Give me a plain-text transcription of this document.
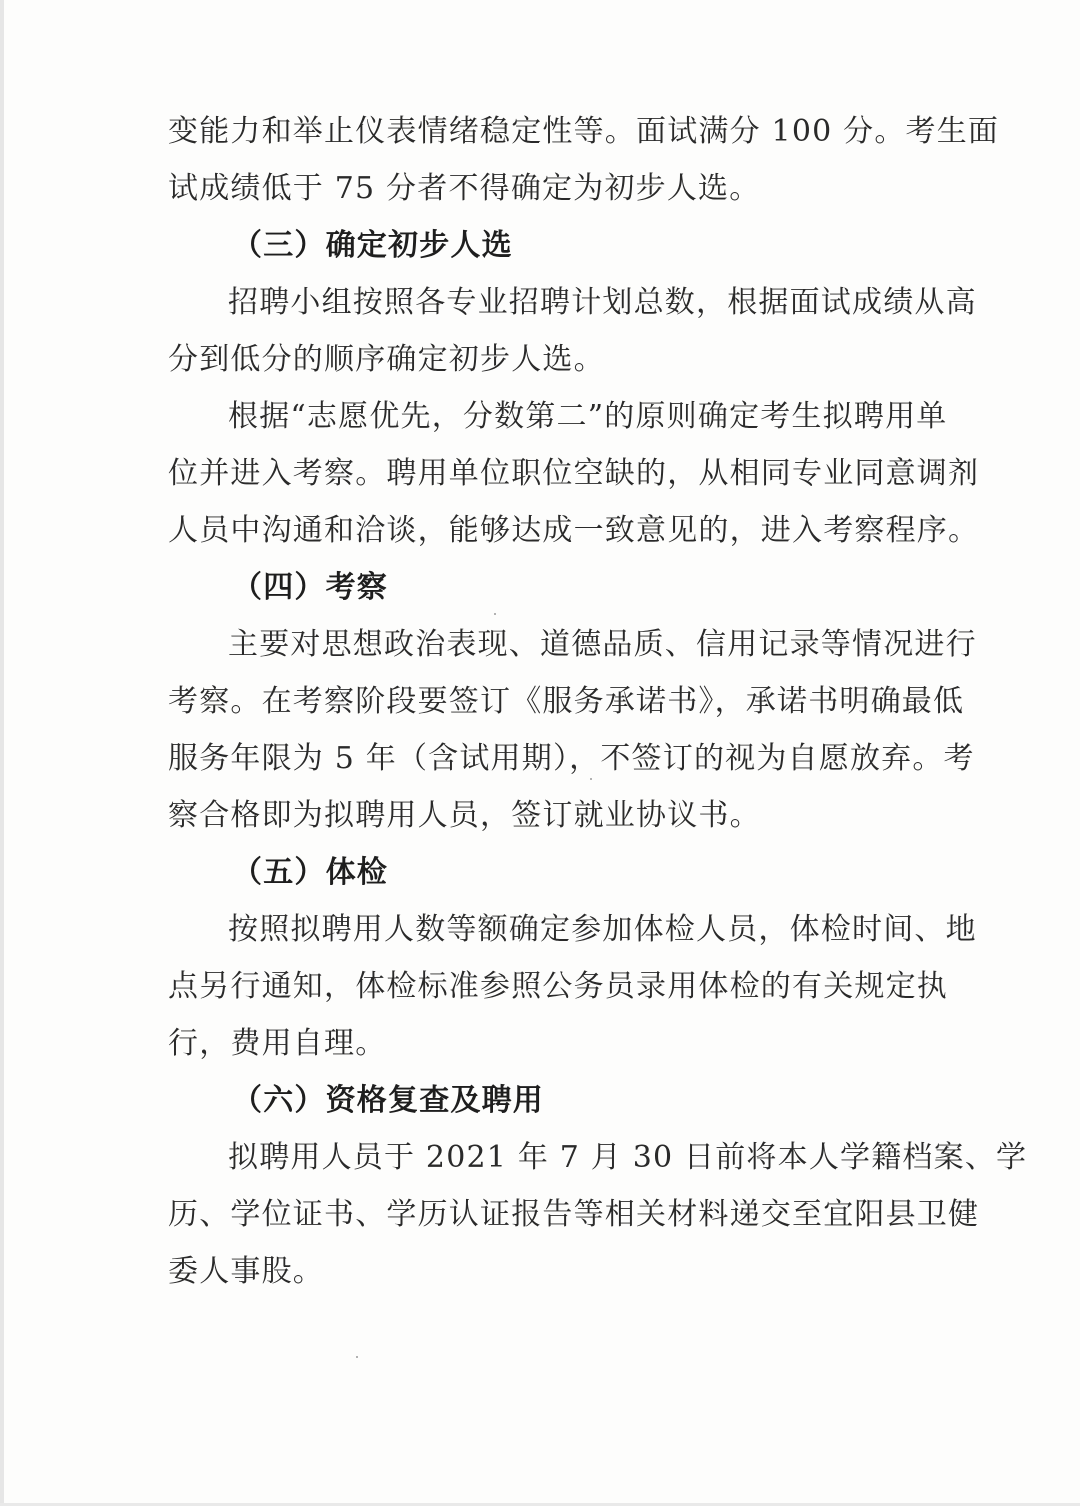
变能力和举止仪表情绪稳定性等。面试满分 100 分。考生面
试成绩低于 75 分者不得确定为初步人选。
（三）确定初步人选
招聘小组按照各专业招聘计划总数，根据面试成绩从高
分到低分的顺序确定初步人选。
根据“志愿优先，分数第二”的原则确定考生拟聘用单
位并进入考察。聘用单位职位空缺的，从相同专业同意调剂
人员中沟通和洽谈，能够达成一致意见的，进入考察程序。
（四）考察
主要对思想政治表现、道德品质、信用记录等情况进行
考察。在考察阶段要签订《服务承诺书》，承诺书明确最低
服务年限为 5 年（含试用期），不签订的视为自愿放弃。考
察合格即为拟聘用人员，签订就业协议书。
（五）体检
按照拟聘用人数等额确定参加体检人员，体检时间、地
点另行通知，体检标准参照公务员录用体检的有关规定执
行，费用自理。
（六）资格复查及聘用
拟聘用人员于 2021 年 7 月 30 日前将本人学籍档案、学
历、学位证书、学历认证报告等相关材料递交至宜阳县卫健
委人事股。
